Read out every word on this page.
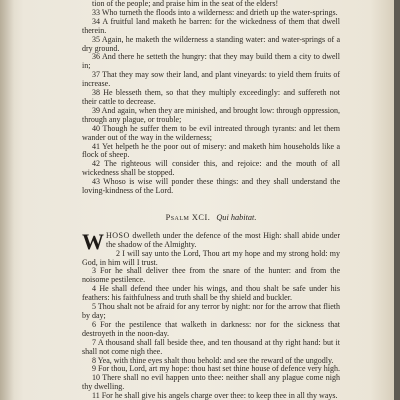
tion of the people; and praise him in the seat of the elders!

33 Who turneth the floods into a wilderness: and drieth up the water-springs.

34 A fruitful land maketh he barren: for the wickedness of them that dwell therein.

35 Again, he maketh the wilderness a standing water: and water-springs of a dry ground.

36 And there he setteth the hungry: that they may build them a city to dwell in;

37 That they may sow their land, and plant vineyards: to yield them fruits of increase.

38 He blesseth them, so that they multiply exceedingly: and suffereth not their cattle to decrease.

39 And again, when they are minished, and brought low: through oppression, through any plague, or trouble;

40 Though he suffer them to be evil intreated through tyrants: and let them wander out of the way in the wilderness;

41 Yet helpeth he the poor out of misery: and maketh him households like a flock of sheep.

42 The righteous will consider this, and rejoice: and the mouth of all wickedness shall be stopped.

43 Whoso is wise will ponder these things: and they shall understand the loving-kindness of the Lord.

Psalm XCI. Qui habitat.

WHOSO dwelleth under the defence of the most High: shall abide under the shadow of the Almighty.

2 I will say unto the Lord, Thou art my hope and my strong hold: my God, in him will I trust.

3 For he shall deliver thee from the snare of the hunter: and from the noisome pestilence.

4 He shall defend thee under his wings, and thou shalt be safe under his feathers: his faithfulness and truth shall be thy shield and buckler.

5 Thou shalt not be afraid for any terror by night: nor for the arrow that flieth by day;

6 For the pestilence that walketh in darkness: nor for the sickness that destroyeth in the noon-day.

7 A thousand shall fall beside thee, and ten thousand at thy right hand: but it shall not come nigh thee.

8 Yea, with thine eyes shalt thou behold: and see the reward of the ungodly.

9 For thou, Lord, art my hope: thou hast set thine house of defence very high.

10 There shall no evil happen unto thee: neither shall any plague come nigh thy dwelling.

11 For he shall give his angels charge over thee: to keep thee in all thy ways.
